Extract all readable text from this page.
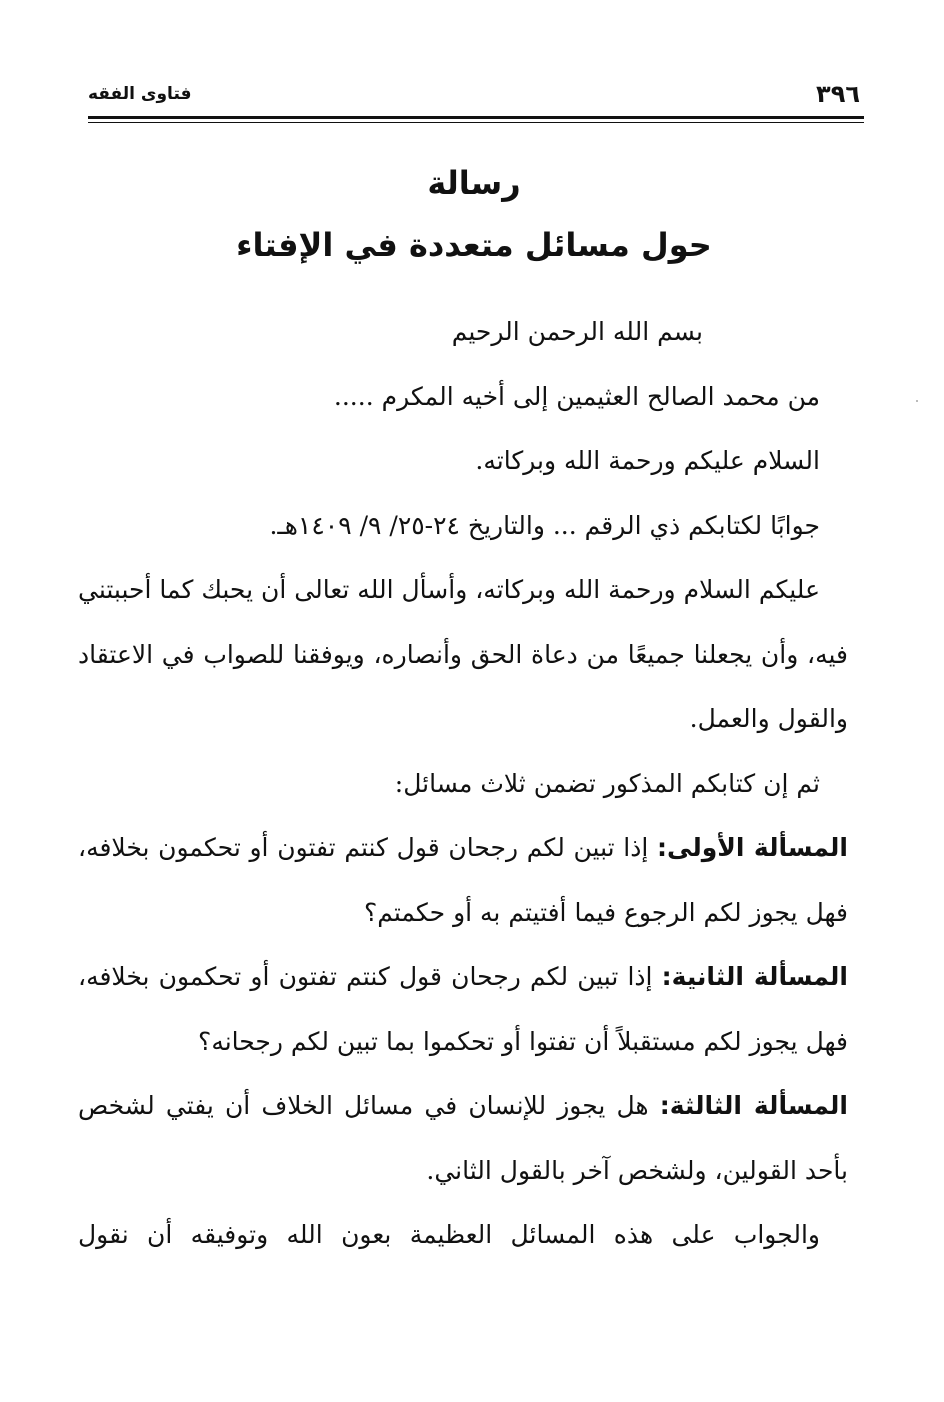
فتاوى الفقه	٣٩٦
رسالة
حول مسائل متعددة في الإفتاء

بسم الله الرحمن الرحيم

من محمد الصالح العثيمين إلى أخيه المكرم .....

السلام عليكم ورحمة الله وبركاته.

جوابًا لكتابكم ذي الرقم ... والتاريخ ٢٤-٢٥/ ٩/ ١٤٠٩هـ.

عليكم السلام ورحمة الله وبركاته، وأسأل الله تعالى أن يحبك كما أحببتني فيه، وأن يجعلنا جميعًا من دعاة الحق وأنصاره، ويوفقنا للصواب في الاعتقاد والقول والعمل.

ثم إن كتابكم المذكور تضمن ثلاث مسائل:

المسألة الأولى: إذا تبين لكم رجحان قول كنتم تفتون أو تحكمون بخلافه، فهل يجوز لكم الرجوع فيما أفتيتم به أو حكمتم؟

المسألة الثانية: إذا تبين لكم رجحان قول كنتم تفتون أو تحكمون بخلافه، فهل يجوز لكم مستقبلاً أن تفتوا أو تحكموا بما تبين لكم رجحانه؟

المسألة الثالثة: هل يجوز للإنسان في مسائل الخلاف أن يفتي لشخص بأحد القولين، ولشخص آخر بالقول الثاني.

والجواب على هذه المسائل العظيمة بعون الله وتوفيقه أن نقول
